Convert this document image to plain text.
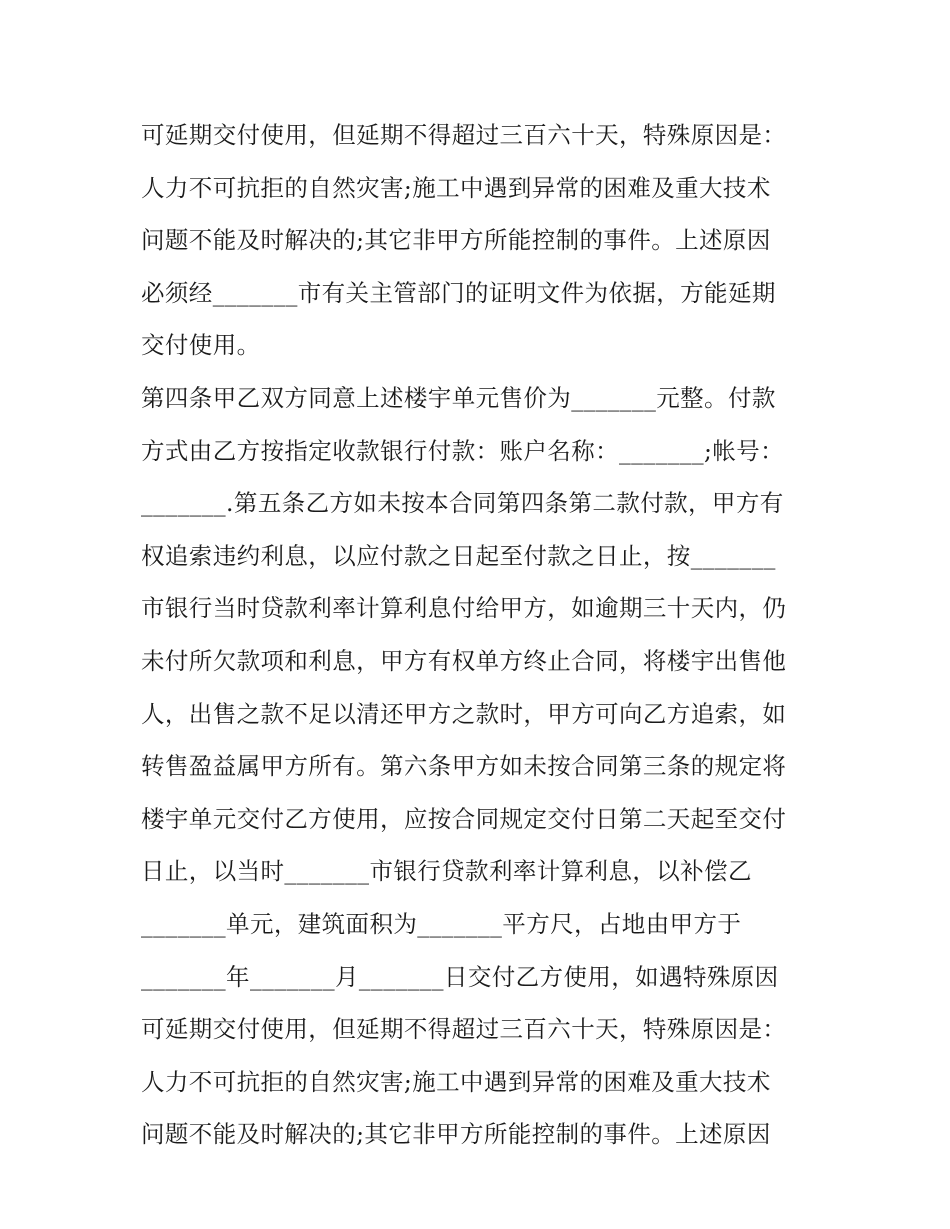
可延期交付使用，但延期不得超过三百六十天，特殊原因是：
人力不可抗拒的自然灾害;施工中遇到异常的困难及重大技术
问题不能及时解决的;其它非甲方所能控制的事件。上述原因
必须经_______市有关主管部门的证明文件为依据，方能延期
交付使用。
第四条甲乙双方同意上述楼宇单元售价为_______元整。付款
方式由乙方按指定收款银行付款：账户名称：_______;帐号：
_______.第五条乙方如未按本合同第四条第二款付款，甲方有
权追索违约利息，以应付款之日起至付款之日止，按_______
市银行当时贷款利率计算利息付给甲方，如逾期三十天内，仍
未付所欠款项和利息，甲方有权单方终止合同，将楼宇出售他
人，出售之款不足以清还甲方之款时，甲方可向乙方追索，如
转售盈益属甲方所有。第六条甲方如未按合同第三条的规定将
楼宇单元交付乙方使用，应按合同规定交付日第二天起至交付
日止，以当时_______市银行贷款利率计算利息，以补偿乙
_______单元，建筑面积为_______平方尺，占地由甲方于
_______年_______月_______日交付乙方使用，如遇特殊原因
可延期交付使用，但延期不得超过三百六十天，特殊原因是：
人力不可抗拒的自然灾害;施工中遇到异常的困难及重大技术
问题不能及时解决的;其它非甲方所能控制的事件。上述原因
